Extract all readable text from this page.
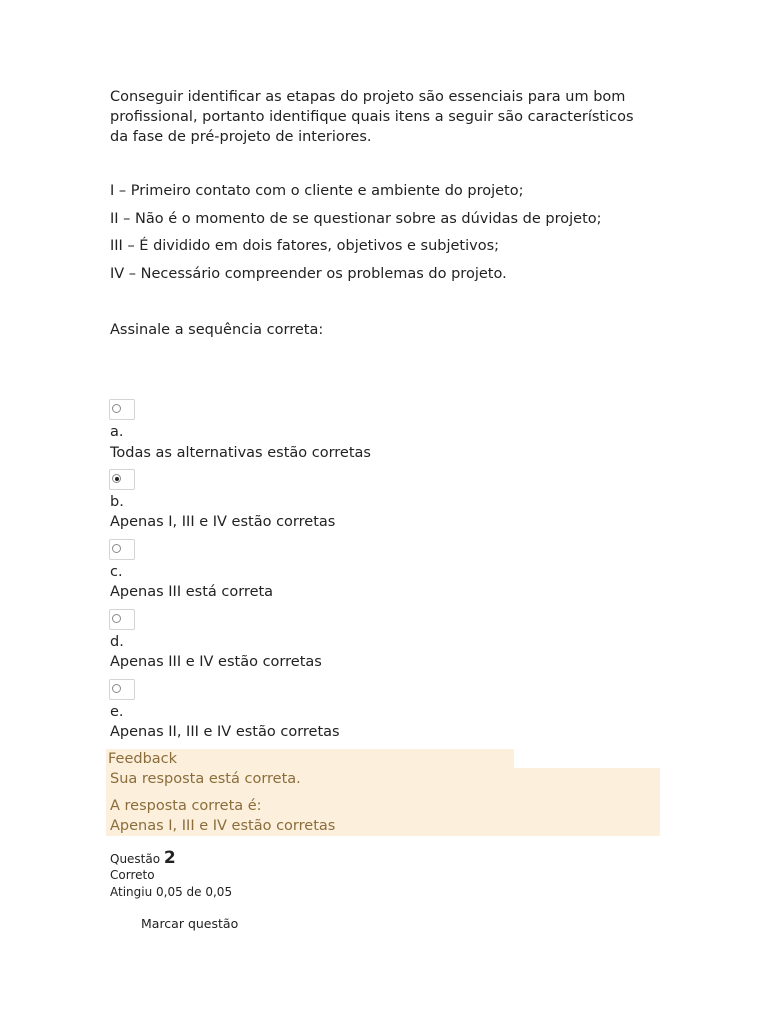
Conseguir identificar as etapas do projeto são essenciais para um bom profissional, portanto identifique quais itens a seguir são característicos da fase de pré-projeto de interiores.
I – Primeiro contato com o cliente e ambiente do projeto;
II – Não é o momento de se questionar sobre as dúvidas de projeto;
III – É dividido em dois fatores, objetivos e subjetivos;
IV – Necessário compreender os problemas do projeto.
Assinale a sequência correta:
a.
Todas as alternativas estão corretas
b.
Apenas I, III e IV estão corretas
c.
Apenas III está correta
d.
Apenas III e IV estão corretas
e.
Apenas II, III e IV estão corretas
Feedback
Sua resposta está correta.
A resposta correta é:
Apenas I, III e IV estão corretas
Questão 2
Correto
Atingiu 0,05 de 0,05
Marcar questão
